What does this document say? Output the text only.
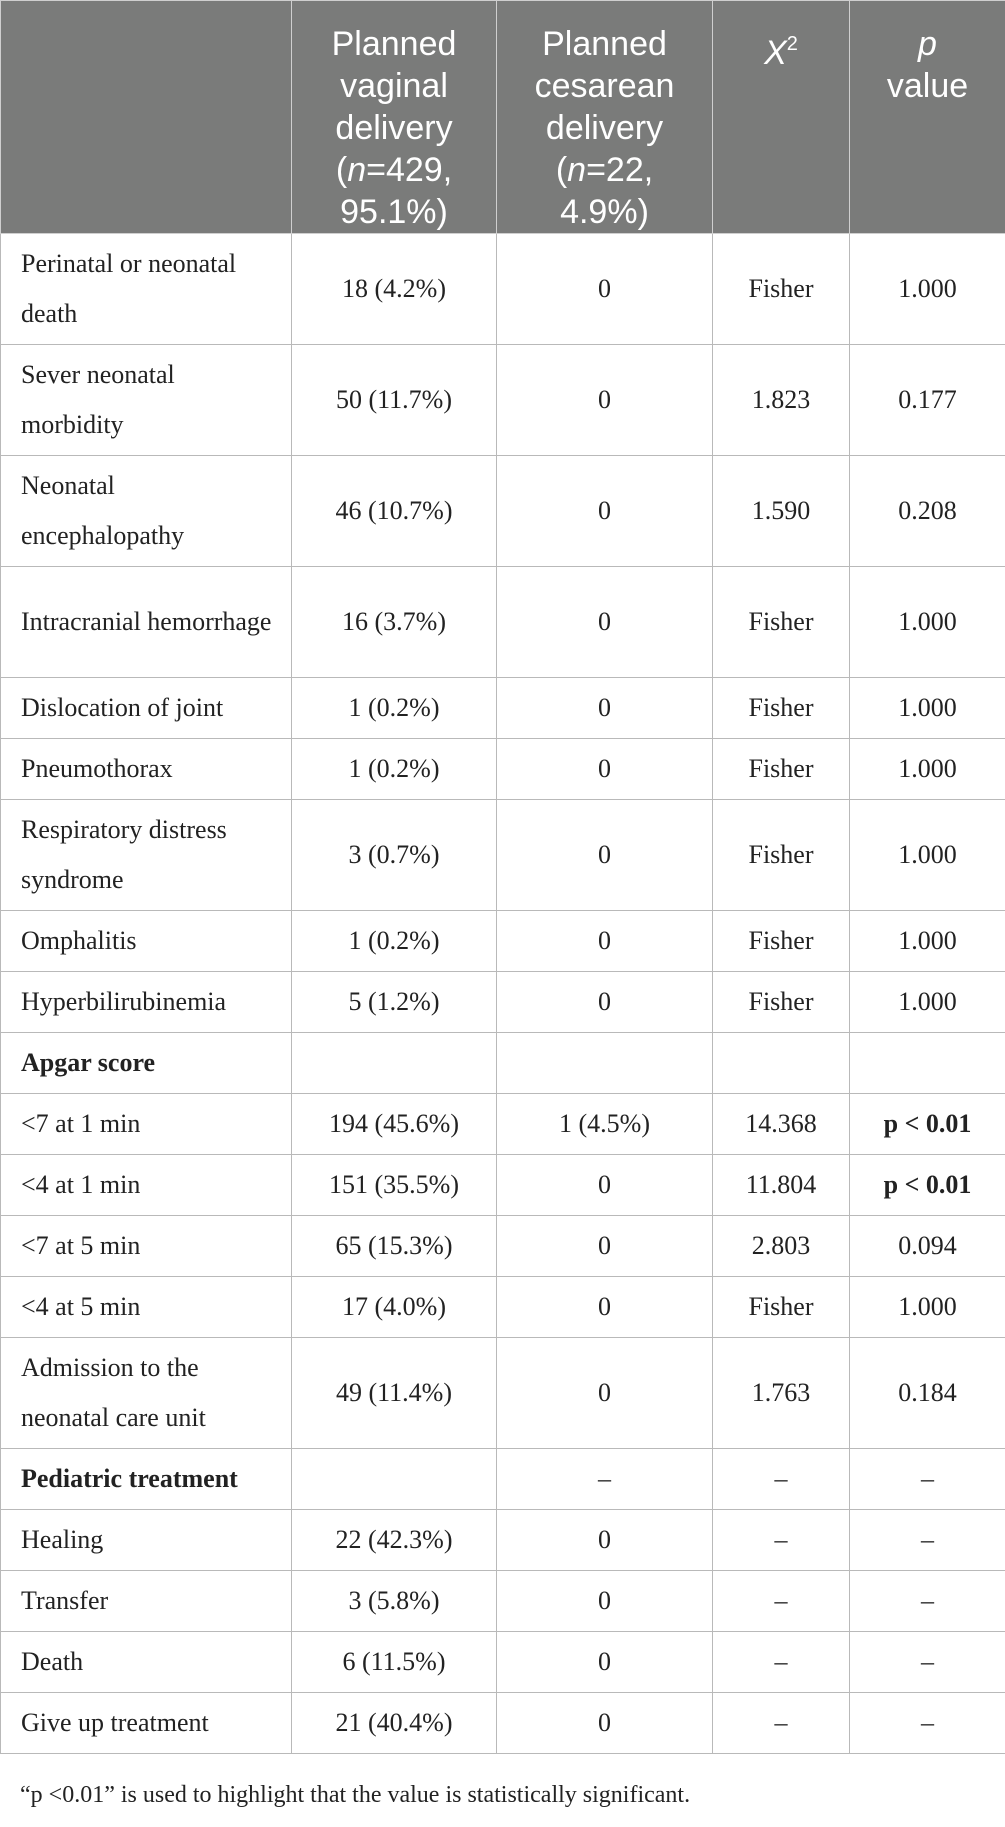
	Planned
vaginal
delivery
(n=429,
95.1%)	Planned
cesarean
delivery
(n=22,
4.9%)	$X^2$	p
value
Perinatal or neonatal death	18 (4.2%)	0	Fisher	1.000
Sever neonatal morbidity	50 (11.7%)	0	1.823	0.177
Neonatal encephalopathy	46 (10.7%)	0	1.590	0.208
Intracranial hemorrhage	16 (3.7%)	0	Fisher	1.000
Dislocation of joint	1 (0.2%)	0	Fisher	1.000
Pneumothorax	1 (0.2%)	0	Fisher	1.000
Respiratory distress syndrome	3 (0.7%)	0	Fisher	1.000
Omphalitis	1 (0.2%)	0	Fisher	1.000
Hyperbilirubinemia	5 (1.2%)	0	Fisher	1.000
Apgar score				
<7 at 1 min	194 (45.6%)	1 (4.5%)	14.368	p < 0.01
<4 at 1 min	151 (35.5%)	0	11.804	p < 0.01
<7 at 5 min	65 (15.3%)	0	2.803	0.094
<4 at 5 min	17 (4.0%)	0	Fisher	1.000
Admission to the neonatal care unit	49 (11.4%)	0	1.763	0.184
Pediatric treatment		–	–	–
Healing	22 (42.3%)	0	–	–
Transfer	3 (5.8%)	0	–	–
Death	6 (11.5%)	0	–	–
Give up treatment	21 (40.4%)	0	–	–
“p <0.01” is used to highlight that the value is statistically significant.
